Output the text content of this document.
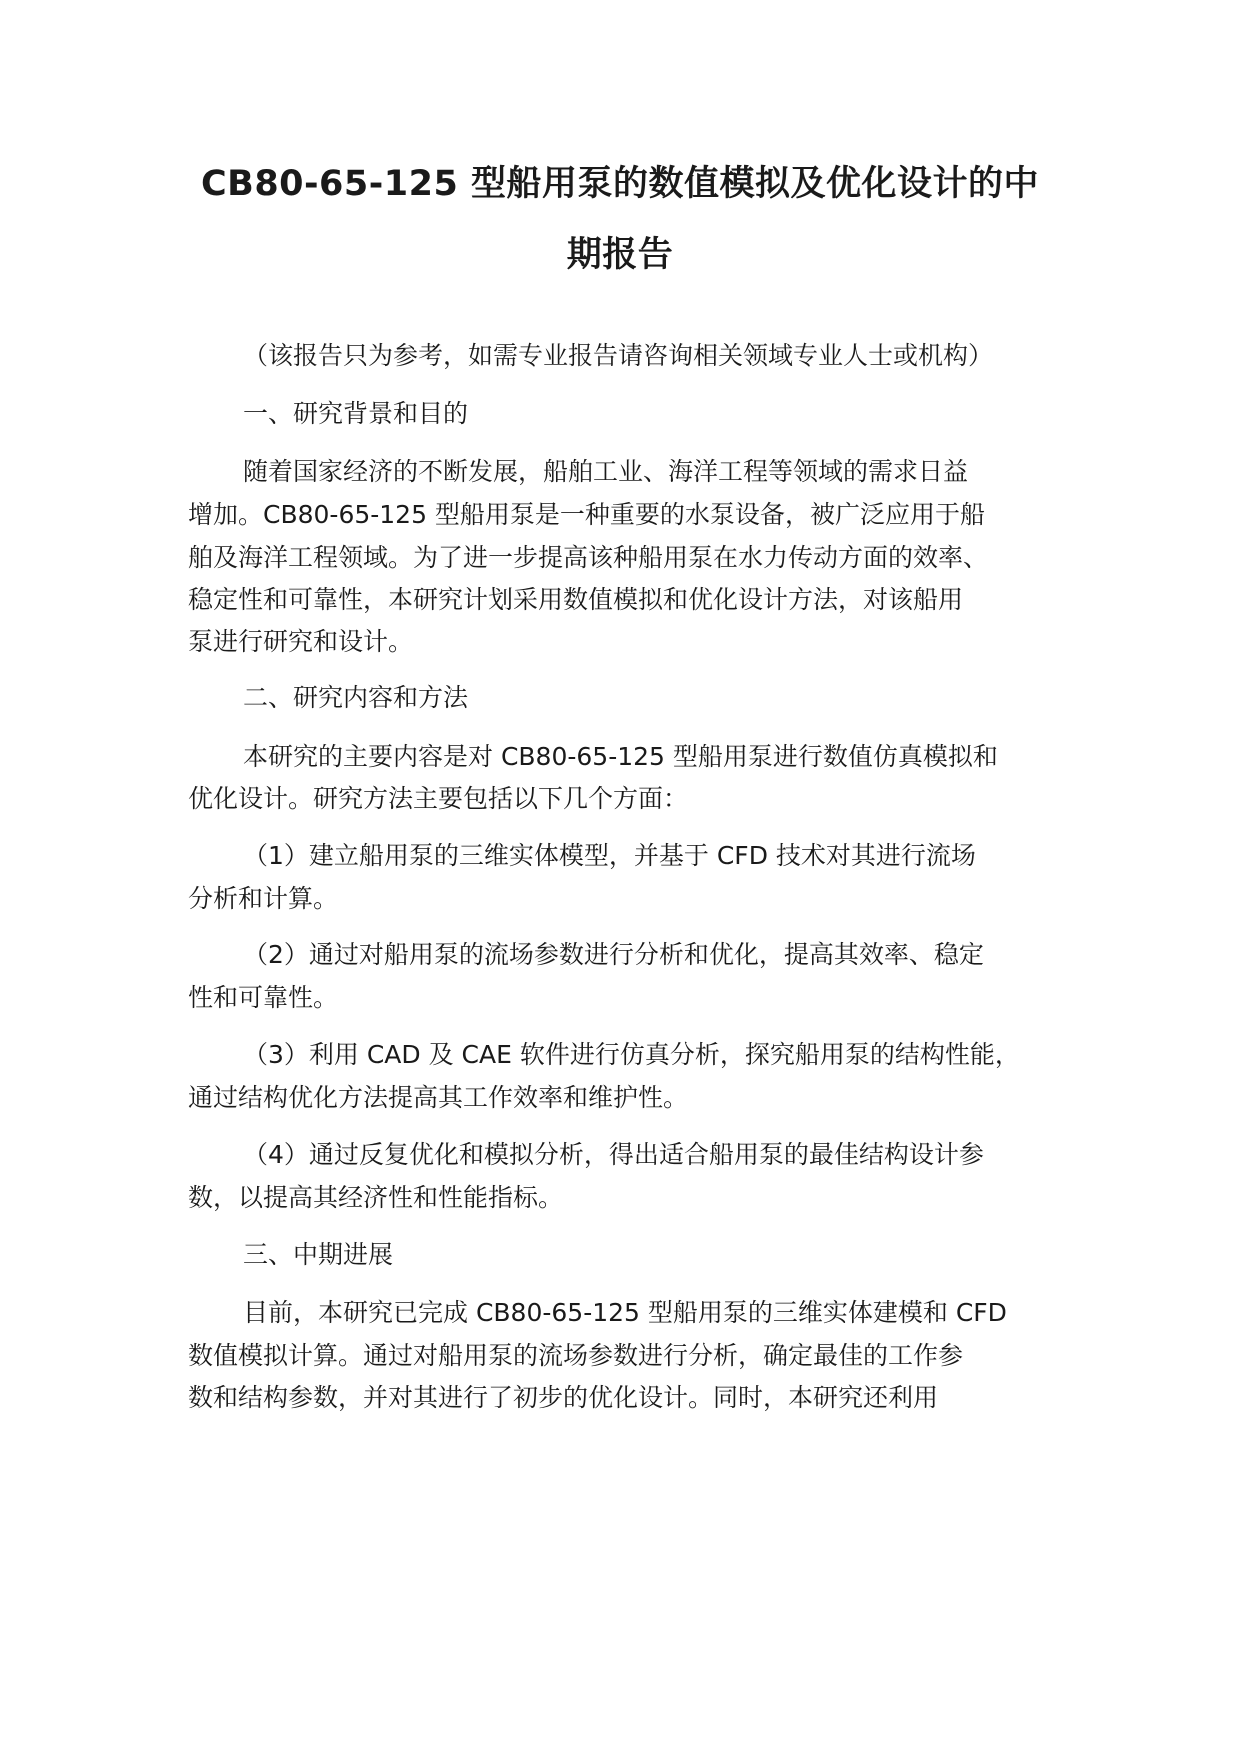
CB80-65-125 型船用泵的数值模拟及优化设计的中
期报告
（该报告只为参考，如需专业报告请咨询相关领域专业人士或机构）
一、研究背景和目的
随着国家经济的不断发展，船舶工业、海洋工程等领域的需求日益
增加。CB80-65-125 型船用泵是一种重要的水泵设备，被广泛应用于船
舶及海洋工程领域。为了进一步提高该种船用泵在水力传动方面的效率、
稳定性和可靠性，本研究计划采用数值模拟和优化设计方法，对该船用
泵进行研究和设计。
二、研究内容和方法
本研究的主要内容是对 CB80-65-125 型船用泵进行数值仿真模拟和
优化设计。研究方法主要包括以下几个方面：
（1）建立船用泵的三维实体模型，并基于 CFD 技术对其进行流场
分析和计算。
（2）通过对船用泵的流场参数进行分析和优化，提高其效率、稳定
性和可靠性。
（3）利用 CAD 及 CAE 软件进行仿真分析，探究船用泵的结构性能，
通过结构优化方法提高其工作效率和维护性。
（4）通过反复优化和模拟分析，得出适合船用泵的最佳结构设计参
数，以提高其经济性和性能指标。
三、中期进展
目前，本研究已完成 CB80-65-125 型船用泵的三维实体建模和 CFD
数值模拟计算。通过对船用泵的流场参数进行分析，确定最佳的工作参
数和结构参数，并对其进行了初步的优化设计。同时，本研究还利用
